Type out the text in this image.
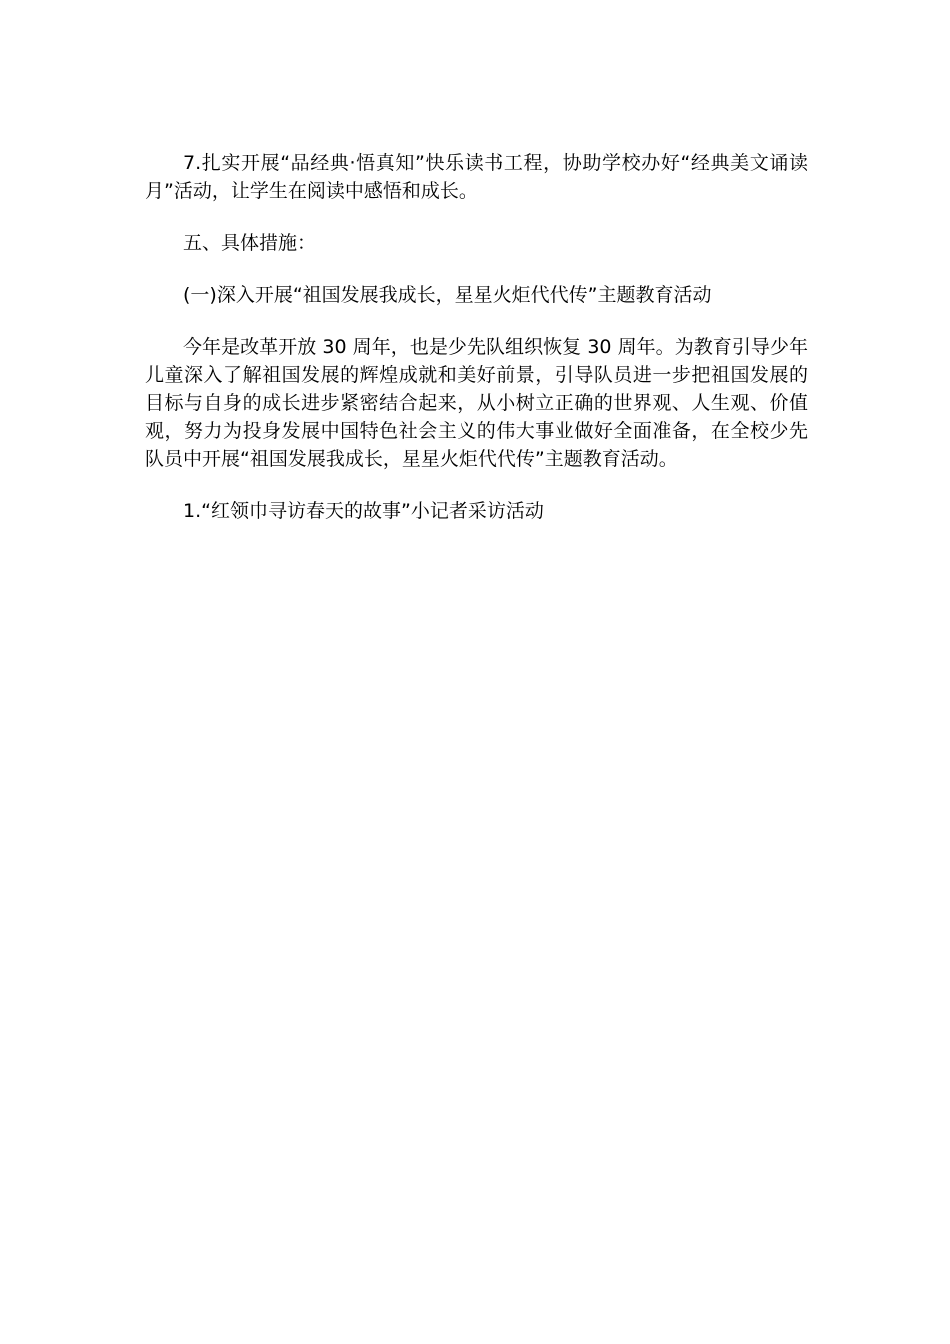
7.扎实开展“品经典·悟真知”快乐读书工程，协助学校办好“经典美文诵读月”活动，让学生在阅读中感悟和成长。

五、具体措施：

(一)深入开展“祖国发展我成长，星星火炬代代传”主题教育活动

今年是改革开放 30 周年，也是少先队组织恢复 30 周年。为教育引导少年儿童深入了解祖国发展的辉煌成就和美好前景，引导队员进一步把祖国发展的目标与自身的成长进步紧密结合起来，从小树立正确的世界观、人生观、价值观，努力为投身发展中国特色社会主义的伟大事业做好全面准备，在全校少先队员中开展“祖国发展我成长，星星火炬代代传”主题教育活动。

1.“红领巾寻访春天的故事”小记者采访活动
